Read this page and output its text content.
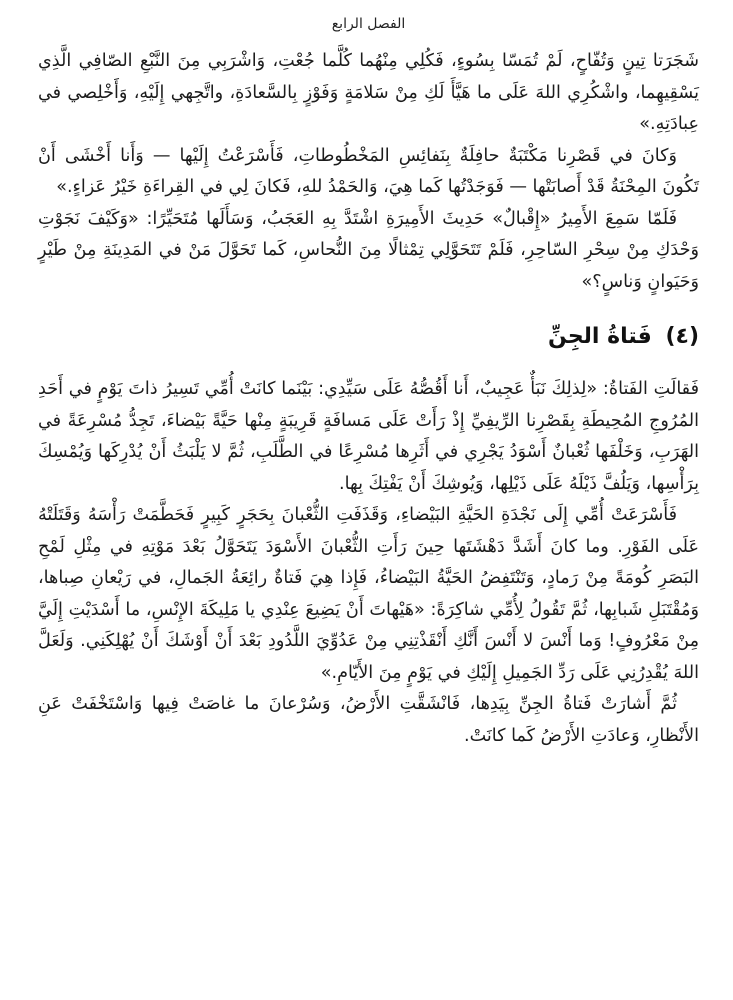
الفصل الرابع

شَجَرَتا تِينٍ وَتُفّاحٍ، لَمْ تُمَسّا بِسُوءٍ، فَكُلِي مِنْهُما كُلَّما جُعْتِ، وَاشْرَبِي مِنَ النَّبْعِ الصّافِي الَّذِي يَسْقِيهِما، واشْكُرِي اللهَ عَلَى ما هَيَّأَ لَكِ مِنْ سَلامَةٍ وَفَوْزٍ بِالسَّعادَةِ، واتَّجِهي إِلَيْهِ، وَأَخْلِصي في عِبادَتِهِ.»

وَكانَ في قَصْرِنا مَكْتَبَةٌ حافِلَةٌ بِنَفائِسِ المَخْطُوطاتِ، فَأَسْرَعْتُ إِلَيْها — وَأَنا أَخْشَى أَنْ تَكُونَ المِحْنَةُ قَدْ أَصابَتْها — فَوَجَدْتُها كَما هِيَ، وَالحَمْدُ للهِ، فَكانَ لِي في القِراءَةِ خَيْرُ عَزاءٍ.»

فَلَمّا سَمِعَ الأَمِيرُ «إِقْبالٌ» حَدِيثَ الأَمِيرَةِ اشْتَدَّ بِهِ العَجَبُ، وَسَأَلَها مُتَحَيِّرًا: «وَكَيْفَ نَجَوْتِ وَحْدَكِ مِنْ سِحْرِ السّاحِرِ، فَلَمْ تَتَحَوَّلِي تِمْثالًا مِنَ النُّحاسِ، كَما تَحَوَّلَ مَنْ في المَدِينَةِ مِنْ طَيْرٍ وَحَيَوانٍ وَناسٍ؟»

(٤) فَتاةُ الجِنِّ

فَقالَتِ الفَتاةُ: «لِذلِكَ نَبَأٌ عَجِيبٌ، أَنا أَقُصُّهُ عَلَى سَيِّدِي: بَيْنَما كانَتْ أُمِّي تَسِيرُ ذاتَ يَوْمٍ في أَحَدِ المُرُوجِ المُحِيطَةِ بِقَصْرِنا الرِّيفِيِّ إِذْ رَأَتْ عَلَى مَسافَةٍ قَرِيبَةٍ مِنْها حَيَّةً بَيْضاءَ، تَجِدُّ مُسْرِعَةً في الهَرَبِ، وَخَلْفَها ثُعْبانٌ أَسْوَدُ يَجْرِي في أَثَرِها مُسْرِعًا في الطَّلَبِ، ثُمَّ لا يَلْبَثُ أَنْ يُدْرِكَها وَيُمْسِكَ بِرَأْسِها، وَيَلُفَّ ذَيْلَهُ عَلَى ذَيْلِها، وَيُوشِكَ أَنْ يَفْتِكَ بِها.

فَأَسْرَعَتْ أُمِّي إِلَى نَجْدَةِ الحَيَّةِ البَيْضاءِ، وَقَذَفَتِ الثُّعْبانَ بِحَجَرٍ كَبِيرٍ فَحَطَّمَتْ رَأْسَهُ وَقَتَلَتْهُ عَلَى الفَوْرِ. وما كانَ أَشَدَّ دَهْشَتَها حِينَ رَأَتِ الثُّعْبانَ الأَسْوَدَ يَتَحَوَّلُ بَعْدَ مَوْتِهِ في مِثْلِ لَمْحِ البَصَرِ كُومَةً مِنْ رَمادٍ، وَتَنْتَفِضُ الحَيَّةُ البَيْضاءُ، فَإِذا هِيَ فَتاةٌ رائِعَةُ الجَمالِ، في رَيْعانِ صِباها، وَمُقْتَبَلِ شَبابِها، ثُمَّ تَقُولُ لِأُمِّي شاكِرَةً: «هَيْهاتَ أَنْ يَضِيعَ عِنْدِي يا مَلِيكَةَ الإِنْسِ، ما أَسْدَيْتِ إِلَيَّ مِنْ مَعْرُوفٍ! وَما أَنْسَ لا أَنْسَ أَنَّكِ أَنْقَذْتِنِي مِنْ عَدُوِّيَ اللَّدُودِ بَعْدَ أَنْ أَوْشَكَ أَنْ يُهْلِكَنِي. وَلَعَلَّ اللهَ يُقْدِرُنِي عَلَى رَدِّ الجَمِيلِ إِلَيْكِ في يَوْمٍ مِنَ الأَيّامِ.»

ثُمَّ أَشارَتْ فَتاةُ الجِنِّ بِيَدِها، فَانْشَقَّتِ الأَرْضُ، وَسُرْعانَ ما غاصَتْ فِيها وَاسْتَخْفَتْ عَنِ الأَنْظارِ، وَعادَتِ الأَرْضُ كَما كانَتْ.
